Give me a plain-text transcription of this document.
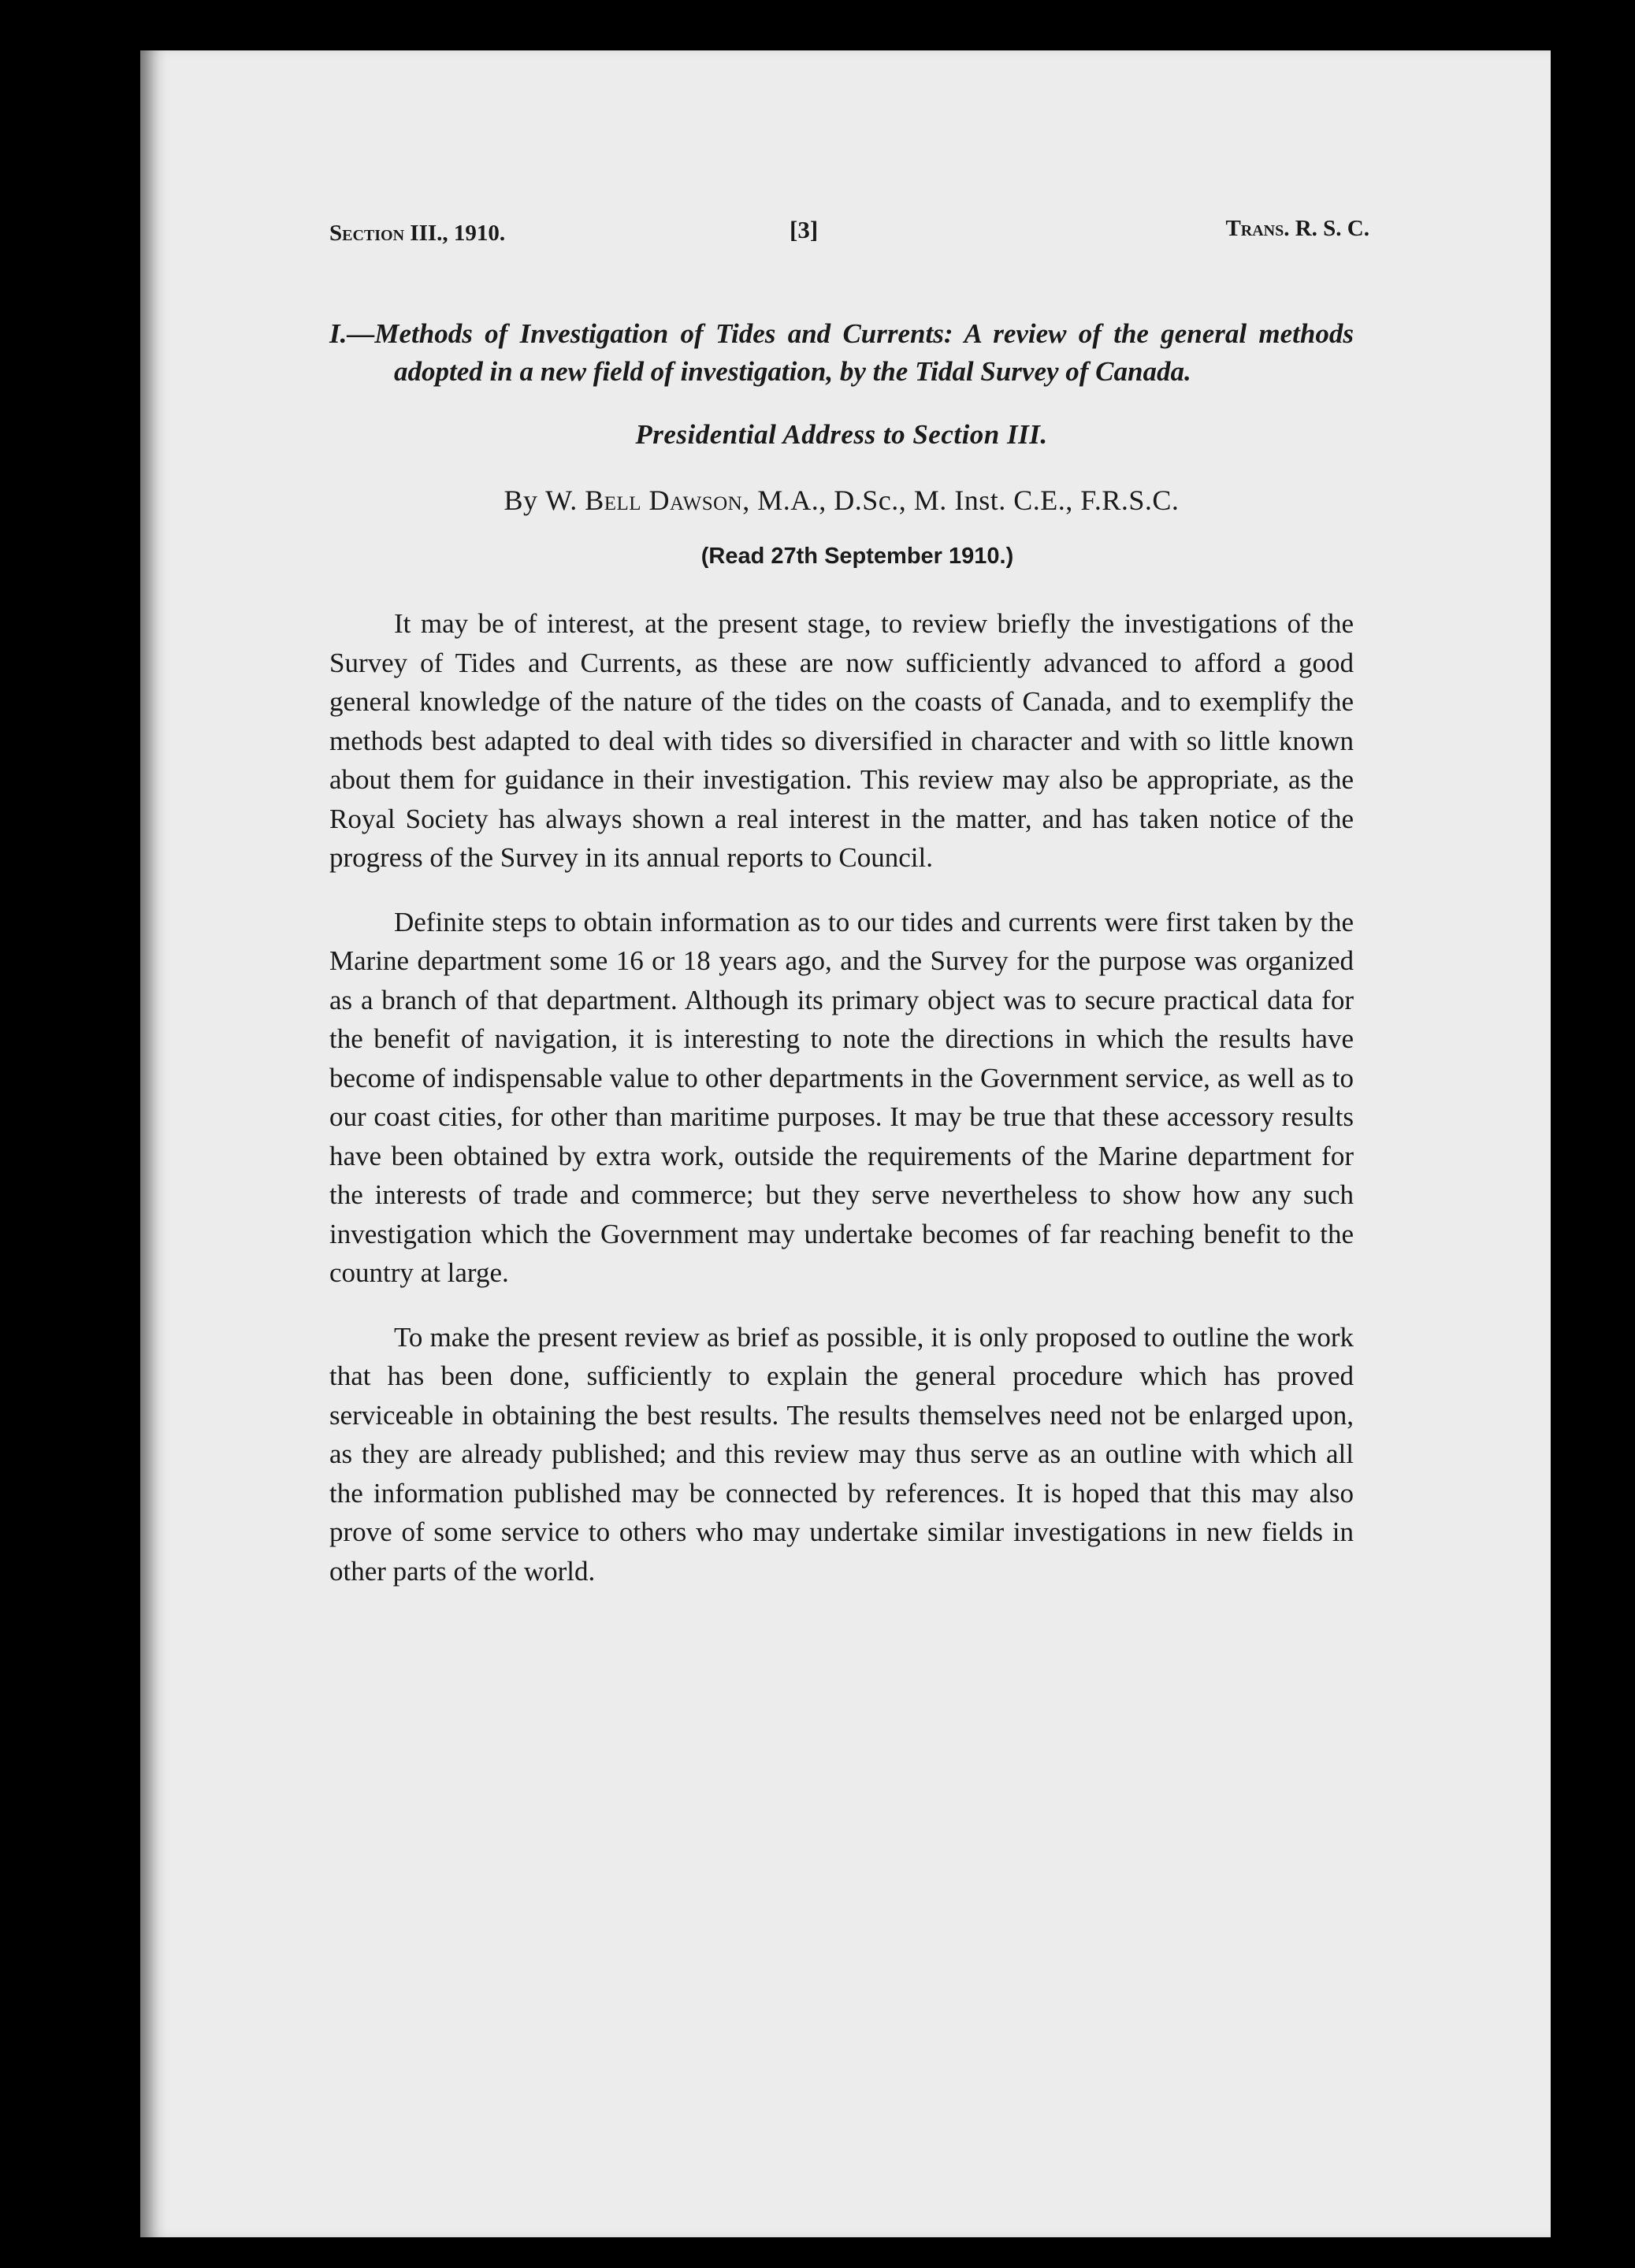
Section III., 1910.	[3]	Trans. R. S. C.
I.—Methods of Investigation of Tides and Currents: A review of the general methods adopted in a new field of investigation, by the Tidal Survey of Canada.
Presidential Address to Section III.
By W. Bell Dawson, M.A., D.Sc., M. Inst. C.E., F.R.S.C.
(Read 27th September 1910.)

It may be of interest, at the present stage, to review briefly the investigations of the Survey of Tides and Currents, as these are now sufficiently advanced to afford a good general knowledge of the nature of the tides on the coasts of Canada, and to exemplify the methods best adapted to deal with tides so diversified in character and with so little known about them for guidance in their investigation. This review may also be appropriate, as the Royal Society has always shown a real interest in the matter, and has taken notice of the progress of the Survey in its annual reports to Council.

Definite steps to obtain information as to our tides and currents were first taken by the Marine department some 16 or 18 years ago, and the Survey for the purpose was organized as a branch of that department. Although its primary object was to secure practical data for the benefit of navigation, it is interesting to note the directions in which the results have become of indispensable value to other departments in the Government service, as well as to our coast cities, for other than maritime purposes. It may be true that these accessory results have been obtained by extra work, outside the requirements of the Marine department for the interests of trade and commerce; but they serve nevertheless to show how any such investigation which the Government may undertake becomes of far reaching benefit to the country at large.

To make the present review as brief as possible, it is only proposed to outline the work that has been done, sufficiently to explain the general procedure which has proved serviceable in obtaining the best results. The results themselves need not be enlarged upon, as they are already published; and this review may thus serve as an outline with which all the information published may be connected by references. It is hoped that this may also prove of some service to others who may undertake similar investigations in new fields in other parts of the world.
